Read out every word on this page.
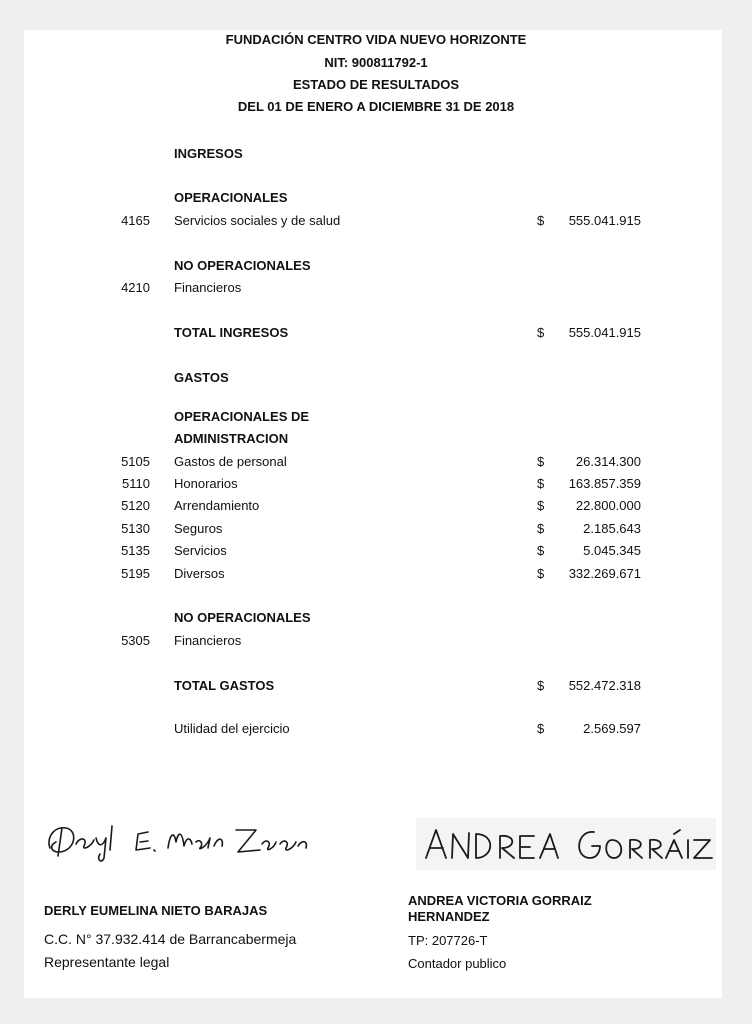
FUNDACIÓN CENTRO VIDA NUEVO HORIZONTE
NIT: 900811792-1
ESTADO DE RESULTADOS
DEL 01 DE ENERO A DICIEMBRE 31 DE 2018
INGRESOS
OPERACIONALES
4165 Servicios sociales y de salud	$	555.041.915
NO OPERACIONALES
4210 Financieros
TOTAL INGRESOS	$	555.041.915
GASTOS
OPERACIONALES DE
ADMINISTRACION
5105 Gastos de personal	$	26.314.300
5110 Honorarios	$	163.857.359
5120 Arrendamiento	$	22.800.000
5130 Seguros	$	2.185.643
5135 Servicios	$	5.045.345
5195 Diversos	$	332.269.671
NO OPERACIONALES
5305 Financieros
TOTAL GASTOS	$	552.472.318
Utilidad del ejercicio	$	2.569.597
DERLY EUMELINA NIETO BARAJAS
C.C. N° 37.932.414 de Barrancabermeja
Representante legal
ANDREA VICTORIA GORRAIZ
HERNANDEZ
TP: 207726-T
Contador publico
